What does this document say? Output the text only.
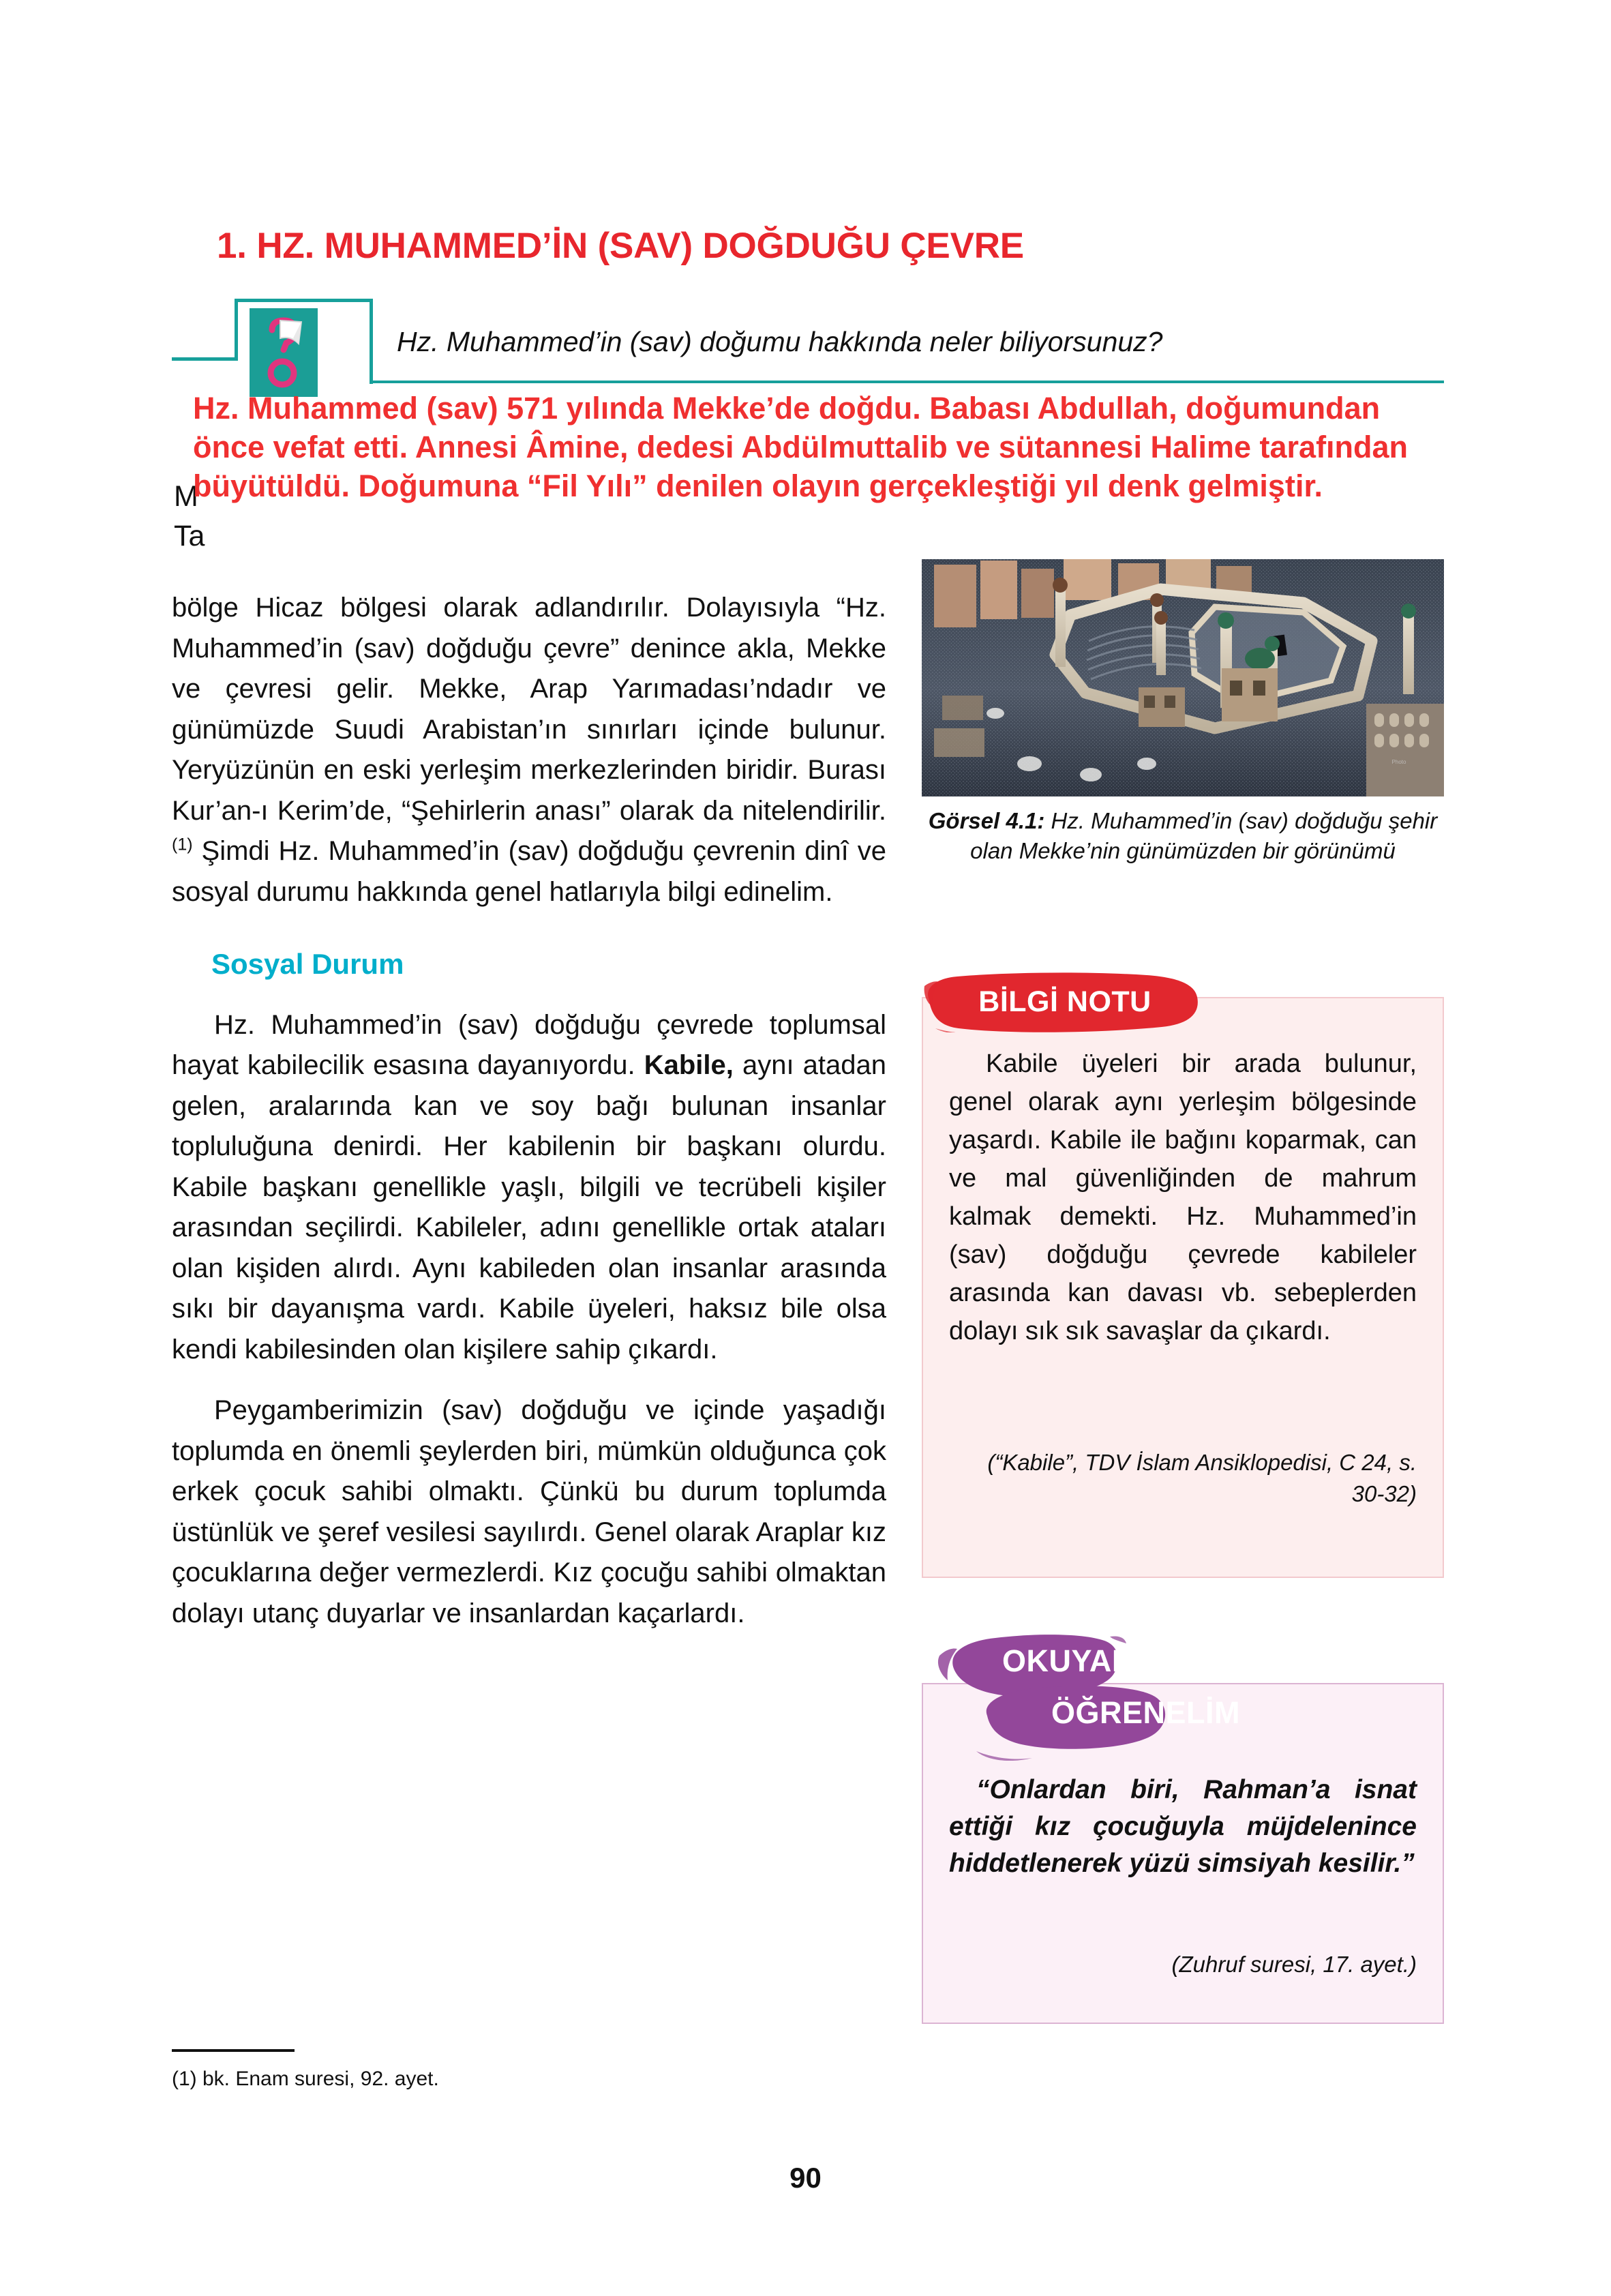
1. HZ. MUHAMMED’İN (SAV) DOĞDUĞU ÇEVRE
Hz. Muhammed’in (sav) doğumu hakkında neler biliyorsunuz?
M
Ta
Hz. Muhammed (sav) 571 yılında Mekke’de doğdu. Babası Abdullah, doğumundan önce vefat etti. Annesi Âmine, dedesi Abdülmuttalib ve sütannesi Halime tarafından büyütüldü. Doğumuna “Fil Yılı” denilen olayın gerçekleştiği yıl denk gelmiştir.

bölge Hicaz bölgesi olarak adlandırılır. Dolayısıyla “Hz. Muhammed’in (sav) doğduğu çevre” denince akla, Mekke ve çevresi gelir. Mekke, Arap Yarımadası’ndadır ve günümüzde Suudi Arabistan’ın sınırları içinde bulunur. Yeryüzünün en eski yerleşim merkezlerinden biridir. Burası Kur’an-ı Kerim’de, “Şehirlerin anası” olarak da nitelendirilir.$^{(1)}$ Şimdi Hz. Muhammed’in (sav) doğduğu çevrenin dinî ve sosyal durumu hakkında genel hatlarıyla bilgi edinelim.

Sosyal Durum

Hz. Muhammed’in (sav) doğduğu çevrede toplumsal hayat kabilecilik esasına dayanıyordu. Kabile, aynı atadan gelen, aralarında kan ve soy bağı bulunan insanlar topluluğuna denirdi. Her kabilenin bir başkanı olurdu. Kabile başkanı genellikle yaşlı, bilgili ve tecrübeli kişiler arasından seçilirdi. Kabileler, adını genellikle ortak ataları olan kişiden alırdı. Aynı kabileden olan insanlar arasında sıkı bir dayanışma vardı. Kabile üyeleri, haksız bile olsa kendi kabilesinden olan kişilere sahip çıkardı.

Peygamberimizin (sav) doğduğu ve içinde yaşadığı toplumda en önemli şeylerden biri, mümkün olduğunca çok erkek çocuk sahibi olmaktı. Çünkü bu durum toplumda üstünlük ve şeref vesilesi sayılırdı. Genel olarak Araplar kız çocuklarına değer vermezlerdi. Kız çocuğu sahibi olmaktan dolayı utanç duyarlar ve insanlardan kaçarlardı.

(1) bk. Enam suresi, 92. ayet.
90
Photo
Görsel 4.1: Hz. Muhammed’in (sav) doğduğu şehir olan Mekke’nin günümüzden bir görünümü
BİLGİ NOTU

Kabile üyeleri bir arada bulunur, genel olarak aynı yerleşim bölgesinde yaşardı. Kabile ile bağını koparmak, can ve mal güvenliğinden de mahrum kalmak demekti. Hz. Muhammed’in (sav) doğduğu çevrede kabileler arasında kan davası vb. sebeplerden dolayı sık sık savaşlar da çıkardı.

(“Kabile”, TDV İslam Ansiklopedisi, C 24, s. 30-32)
OKUYALIM
ÖĞRENELİM

“Onlardan biri, Rahman’a isnat ettiği kız çocuğuyla müjdelenince hiddetlenerek yüzü simsiyah kesilir.”

(Zuhruf suresi, 17. ayet.)
